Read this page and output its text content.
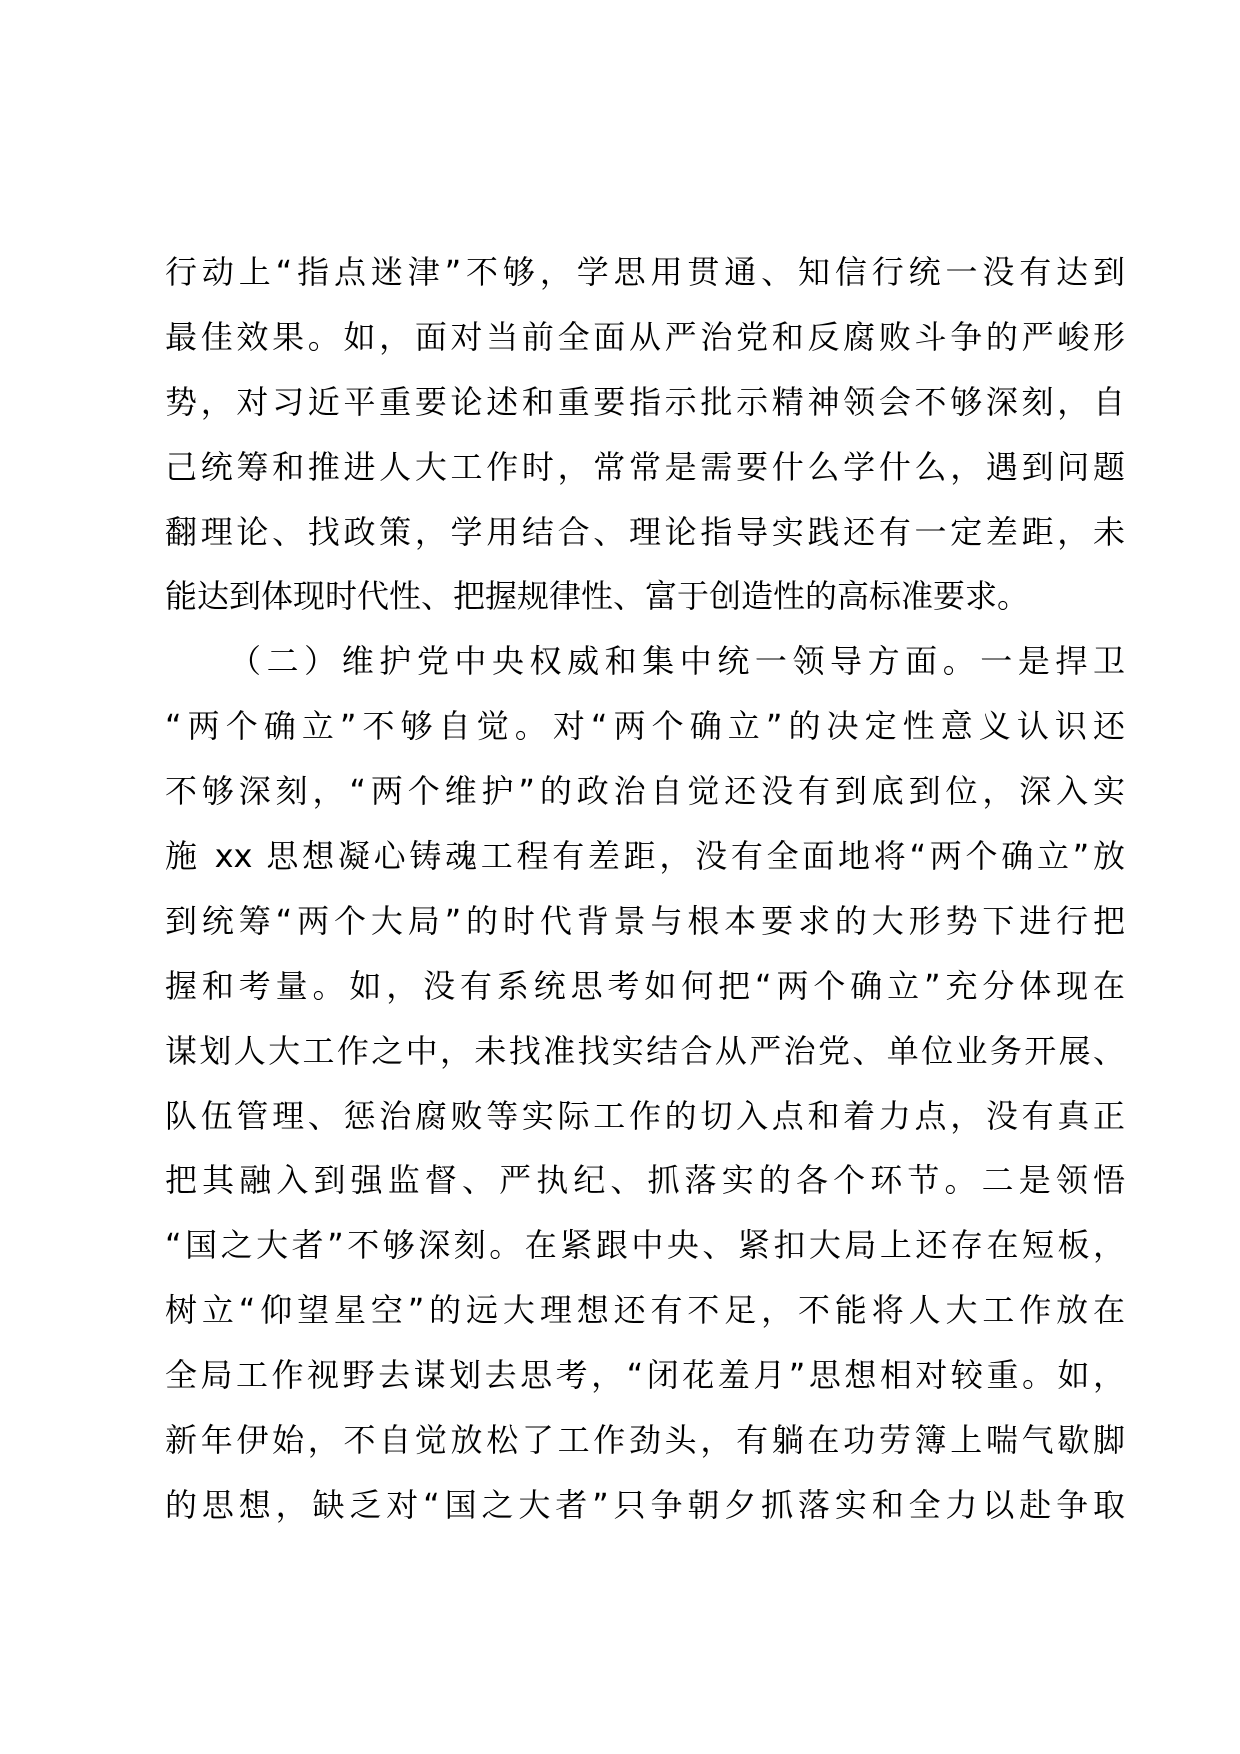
行动上“指点迷津”不够，学思用贯通、知信行统一没有达到
最佳效果。如，面对当前全面从严治党和反腐败斗争的严峻形
势，对习近平重要论述和重要指示批示精神领会不够深刻，自
己统筹和推进人大工作时，常常是需要什么学什么，遇到问题
翻理论、找政策，学用结合、理论指导实践还有一定差距，未
能达到体现时代性、把握规律性、富于创造性的高标准要求。
（二）维护党中央权威和集中统一领导方面。一是捍卫
“两个确立”不够自觉。对“两个确立”的决定性意义认识还
不够深刻，“两个维护”的政治自觉还没有到底到位，深入实
施 xx 思想凝心铸魂工程有差距，没有全面地将“两个确立”放
到统筹“两个大局”的时代背景与根本要求的大形势下进行把
握和考量。如，没有系统思考如何把“两个确立”充分体现在
谋划人大工作之中，未找准找实结合从严治党、单位业务开展、
队伍管理、惩治腐败等实际工作的切入点和着力点，没有真正
把其融入到强监督、严执纪、抓落实的各个环节。二是领悟
“国之大者”不够深刻。在紧跟中央、紧扣大局上还存在短板，
树立“仰望星空”的远大理想还有不足，不能将人大工作放在
全局工作视野去谋划去思考，“闭花羞月”思想相对较重。如，
新年伊始，不自觉放松了工作劲头，有躺在功劳簿上喘气歇脚
的思想，缺乏对“国之大者”只争朝夕抓落实和全力以赴争取
